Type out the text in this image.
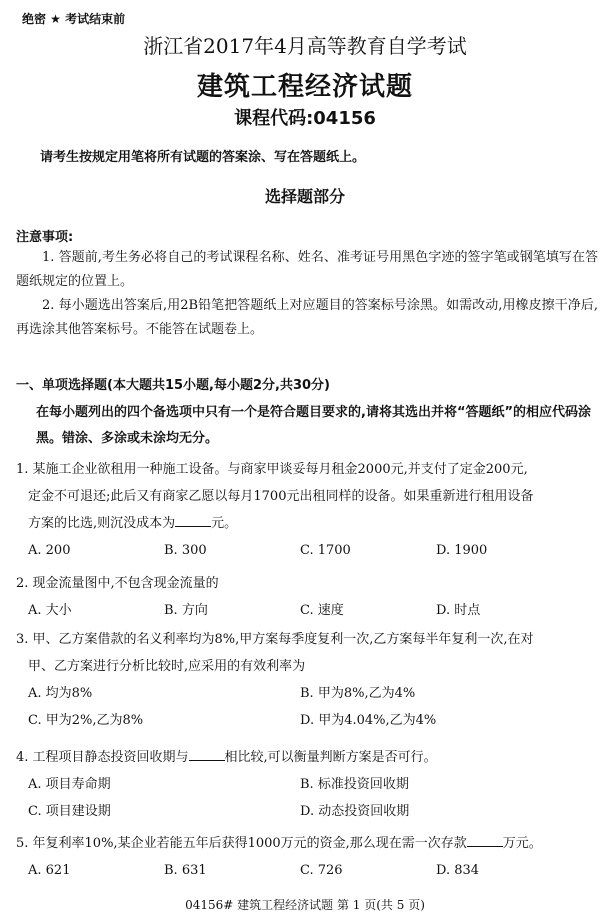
绝密 ★ 考试结束前
浙江省2017年4月高等教育自学考试
建筑工程经济试题
课程代码:04156
请考生按规定用笔将所有试题的答案涂、写在答题纸上。
选择题部分
注意事项:
1. 答题前,考生务必将自己的考试课程名称、姓名、准考证号用黑色字迹的签字笔或钢笔填写在答题纸规定的位置上。
2. 每小题选出答案后,用2B铅笔把答题纸上对应题目的答案标号涂黑。如需改动,用橡皮擦干净后,再选涂其他答案标号。不能答在试题卷上。
一、单项选择题(本大题共15小题,每小题2分,共30分)
在每小题列出的四个备选项中只有一个是符合题目要求的,请将其选出并将“答题纸”的相应代码涂黑。错涂、多涂或未涂均无分。
1. 某施工企业欲租用一种施工设备。与商家甲谈妥每月租金2000元,并支付了定金200元,
定金不可退还;此后又有商家乙愿以每月1700元出租同样的设备。如果重新进行租用设备
方案的比选,则沉没成本为	元。
A. 200	B. 300	C. 1700	D. 1900
2. 现金流量图中,不包含现金流量的
A. 大小	B. 方向	C. 速度	D. 时点
3. 甲、乙方案借款的名义利率均为8%,甲方案每季度复利一次,乙方案每半年复利一次,在对
甲、乙方案进行分析比较时,应采用的有效利率为
A. 均为8%	B. 甲为8%,乙为4%
C. 甲为2%,乙为8%	D. 甲为4.04%,乙为4%
4. 工程项目静态投资回收期与	相比较,可以衡量判断方案是否可行。
A. 项目寿命期	B. 标准投资回收期
C. 项目建设期	D. 动态投资回收期
5. 年复利率10%,某企业若能五年后获得1000万元的资金,那么现在需一次存款	万元。
A. 621	B. 631	C. 726	D. 834
04156# 建筑工程经济试题 第 1 页(共 5 页)
